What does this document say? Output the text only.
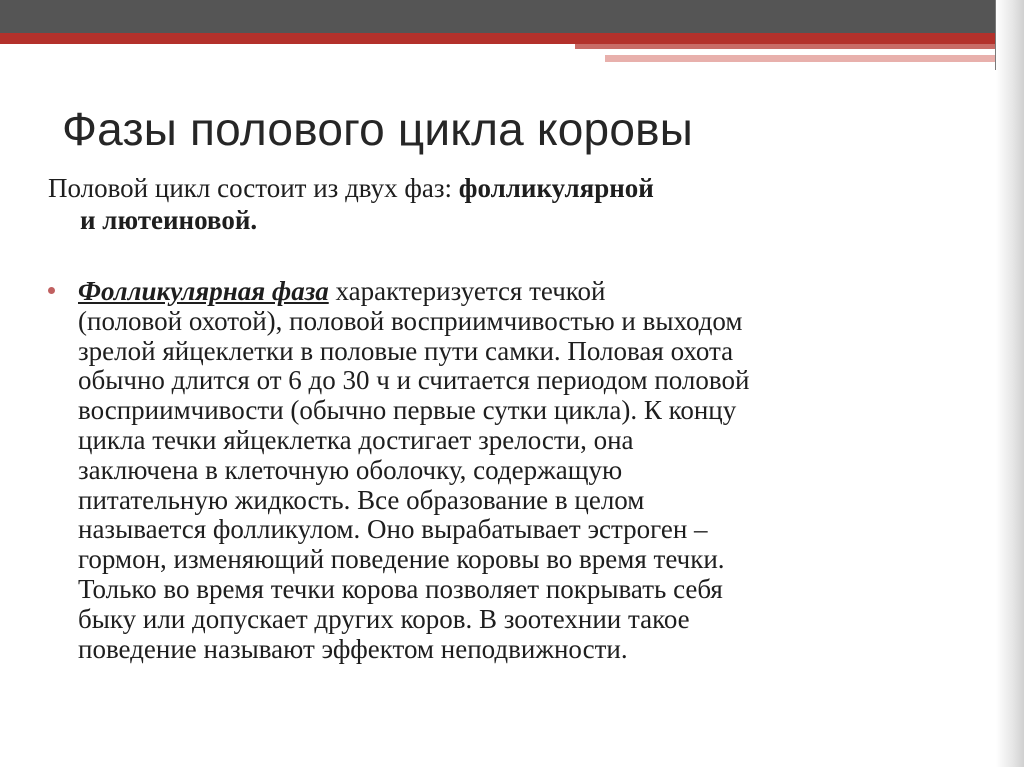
Фазы полового цикла коровы

Половой цикл состоит из двух фаз: фолликулярной
и лютеиновой.

Фолликулярная фаза характеризуется течкой
(половой охотой), половой восприимчивостью и выходом
зрелой яйцеклетки в половые пути самки. Половая охота
обычно длится от 6 до 30 ч и считается периодом половой
восприимчивости (обычно первые сутки цикла). К концу
цикла течки яйцеклетка достигает зрелости, она
заключена в клеточную оболочку, содержащую
питательную жидкость. Все образование в целом
называется фолликулом. Оно вырабатывает эстроген –
гормон, изменяющий поведение коровы во время течки.
Только во время течки корова позволяет покрывать себя
быку или допускает других коров. В зоотехнии такое
поведение называют эффектом неподвижности.
